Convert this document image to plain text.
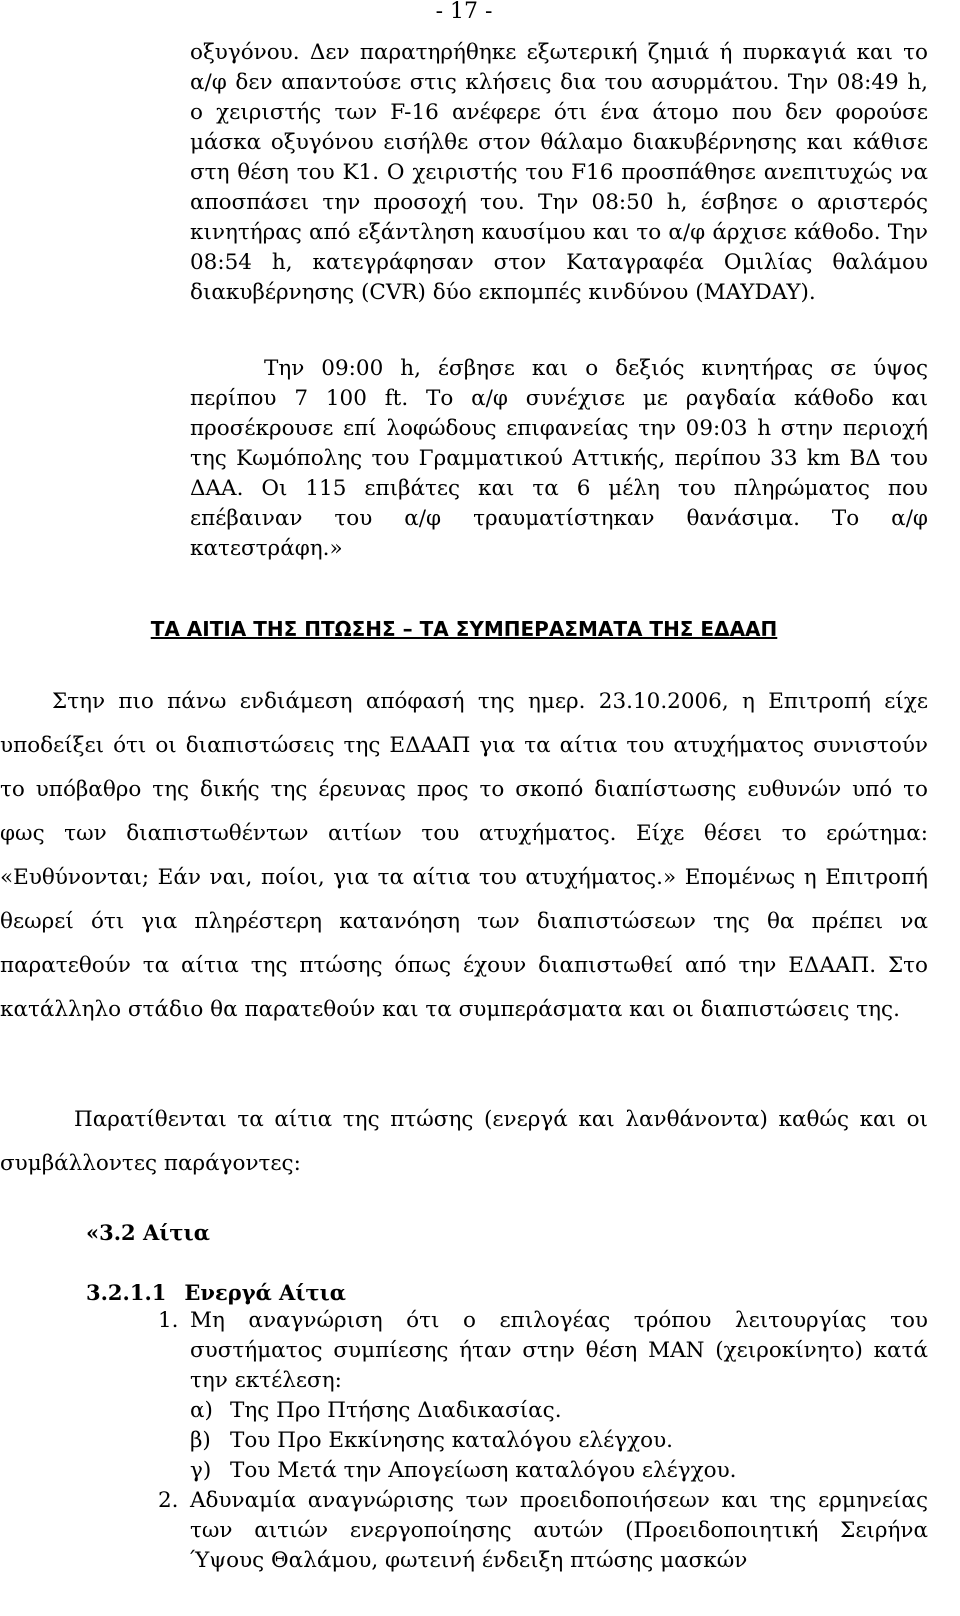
- 17 -

οξυγόνου. Δεν παρατηρήθηκε εξωτερική ζημιά ή πυρκαγιά και το α/φ δεν απαντούσε στις κλήσεις δια του ασυρμάτου. Την 08:49 h, ο χειριστής των F-16 ανέφερε ότι ένα άτομο που δεν φορούσε μάσκα οξυγόνου εισήλθε στον θάλαμο διακυβέρνησης και κάθισε στη θέση του K1. Ο χειριστής του F16 προσπάθησε ανεπιτυχώς να αποσπάσει την προσοχή του. Την 08:50 h, έσβησε ο αριστερός κινητήρας από εξάντληση καυσίμου και το α/φ άρχισε κάθοδο. Την 08:54 h, κατεγράφησαν στον Καταγραφέα Ομιλίας θαλάμου διακυβέρνησης (CVR) δύο εκπομπές κινδύνου (MAYDAY).

Την 09:00 h, έσβησε και ο δεξιός κινητήρας σε ύψος περίπου 7 100 ft. Το α/φ συνέχισε με ραγδαία κάθοδο και προσέκρουσε επί λοφώδους επιφανείας την 09:03 h στην περιοχή της Κωμόπολης του Γραμματικού Αττικής, περίπου 33 km ΒΔ του ΔΑΑ. Οι 115 επιβάτες και τα 6 μέλη του πληρώματος που επέβαιναν του α/φ τραυματίστηκαν θανάσιμα. Το α/φ κατεστράφη.»

ΤΑ ΑΙΤΙΑ ΤΗΣ ΠΤΩΣΗΣ – ΤΑ ΣΥΜΠΕΡΑΣΜΑΤΑ ΤΗΣ ΕΔΑΑΠ

Στην πιο πάνω ενδιάμεση απόφασή της ημερ. 23.10.2006, η Επιτροπή είχε υποδείξει ότι οι διαπιστώσεις της ΕΔΑΑΠ για τα αίτια του ατυχήματος συνιστούν το υπόβαθρο της δικής της έρευνας προς το σκοπό διαπίστωσης ευθυνών υπό το φως των διαπιστωθέντων αιτίων του ατυχήματος. Είχε θέσει το ερώτημα: «Ευθύνονται; Εάν ναι, ποίοι, για τα αίτια του ατυχήματος.» Επομένως η Επιτροπή θεωρεί ότι για πληρέστερη κατανόηση των διαπιστώσεων της θα πρέπει να παρατεθούν τα αίτια της πτώσης όπως έχουν διαπιστωθεί από την ΕΔΑΑΠ. Στο κατάλληλο στάδιο θα παρατεθούν και τα συμπεράσματα και οι διαπιστώσεις της.

Παρατίθενται τα αίτια της πτώσης (ενεργά και λανθάνοντα) καθώς και οι συμβάλλοντες παράγοντες:

«3.2 Αίτια
3.2.1.1 Ενεργά Αίτια
1. Μη αναγνώριση ότι ο επιλογέας τρόπου λειτουργίας του συστήματος συμπίεσης ήταν στην θέση MAN (χειροκίνητο) κατά την εκτέλεση:
α) Της Προ Πτήσης Διαδικασίας.
β) Του Προ Εκκίνησης καταλόγου ελέγχου.
γ) Του Μετά την Απογείωση καταλόγου ελέγχου.
2. Αδυναμία αναγνώρισης των προειδοποιήσεων και της ερμηνείας των αιτιών ενεργοποίησης αυτών (Προειδοποιητική Σειρήνα Ύψους Θαλάμου, φωτεινή ένδειξη πτώσης μασκών
